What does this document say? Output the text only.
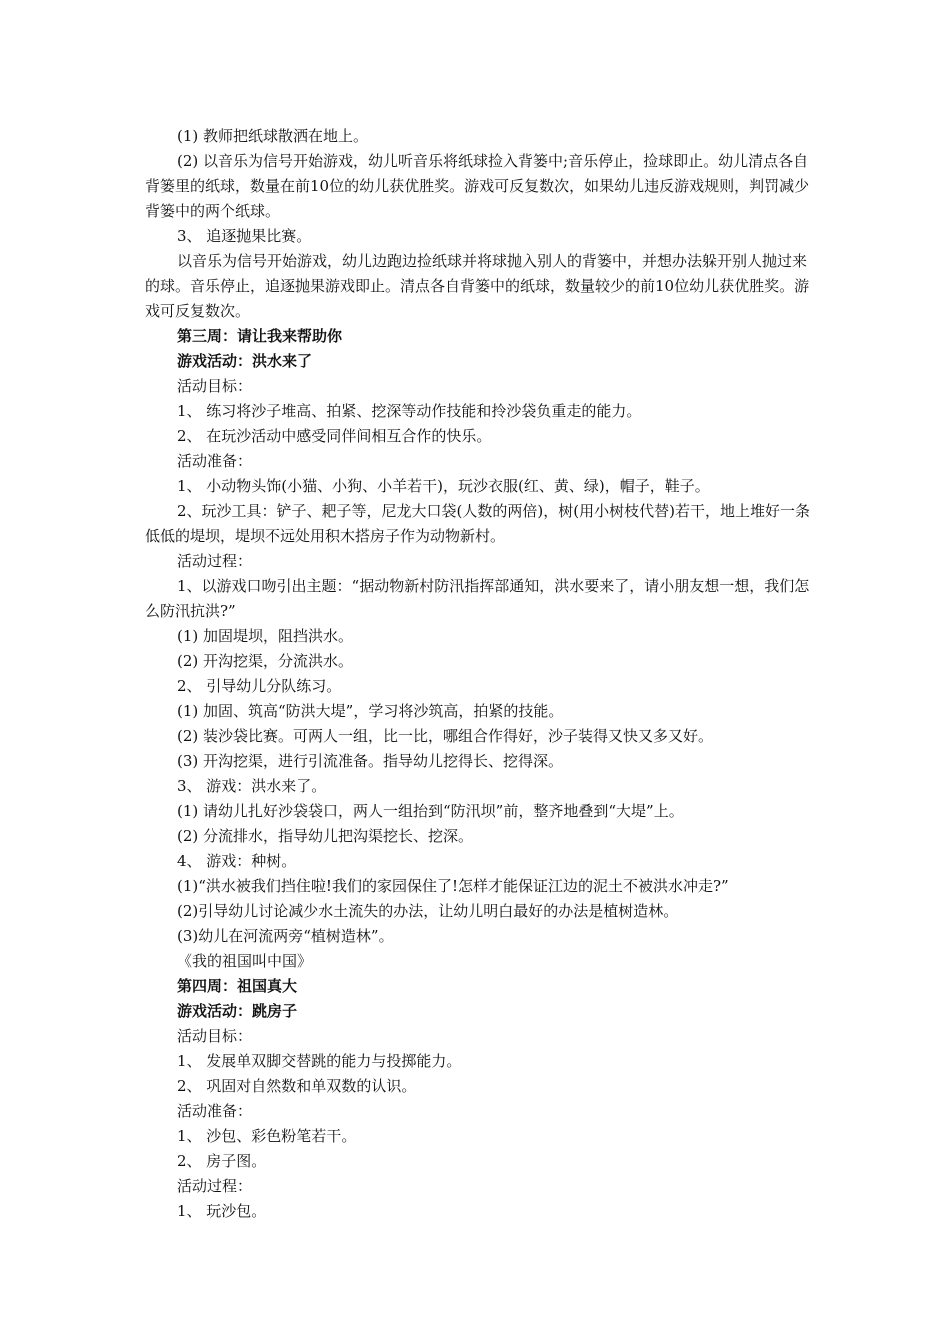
(1) 教师把纸球散洒在地上。

(2) 以音乐为信号开始游戏，幼儿听音乐将纸球捡入背篓中;音乐停止，捡球即止。幼儿清点各自背篓里的纸球，数量在前10位的幼儿获优胜奖。游戏可反复数次，如果幼儿违反游戏规则，判罚减少背篓中的两个纸球。

3、 追逐抛果比赛。

以音乐为信号开始游戏，幼儿边跑边捡纸球并将球抛入别人的背篓中，并想办法躲开别人抛过来的球。音乐停止，追逐抛果游戏即止。清点各自背篓中的纸球，数量较少的前10位幼儿获优胜奖。游戏可反复数次。

第三周：请让我来帮助你

游戏活动：洪水来了

活动目标：

1、 练习将沙子堆高、拍紧、挖深等动作技能和拎沙袋负重走的能力。

2、 在玩沙活动中感受同伴间相互合作的快乐。

活动准备：

1、 小动物头饰(小猫、小狗、小羊若干)，玩沙衣服(红、黄、绿)，帽子，鞋子。

2、玩沙工具：铲子、耙子等，尼龙大口袋(人数的两倍)，树(用小树枝代替)若干，地上堆好一条低低的堤坝，堤坝不远处用积木搭房子作为动物新村。

活动过程：

1、以游戏口吻引出主题：“据动物新村防汛指挥部通知，洪水要来了，请小朋友想一想，我们怎么防汛抗洪?”

(1) 加固堤坝，阻挡洪水。

(2) 开沟挖渠，分流洪水。

2、 引导幼儿分队练习。

(1) 加固、筑高“防洪大堤”，学习将沙筑高，拍紧的技能。

(2) 装沙袋比赛。可两人一组，比一比，哪组合作得好，沙子装得又快又多又好。

(3) 开沟挖渠，进行引流准备。指导幼儿挖得长、挖得深。

3、 游戏：洪水来了。

(1) 请幼儿扎好沙袋袋口，两人一组抬到“防汛坝”前，整齐地叠到“大堤”上。

(2) 分流排水，指导幼儿把沟渠挖长、挖深。

4、 游戏：种树。

(1)“洪水被我们挡住啦!我们的家园保住了!怎样才能保证江边的泥土不被洪水冲走?”

(2)引导幼儿讨论减少水土流失的办法，让幼儿明白最好的办法是植树造林。

(3)幼儿在河流两旁“植树造林”。

《我的祖国叫中国》

第四周：祖国真大

游戏活动：跳房子

活动目标：

1、 发展单双脚交替跳的能力与投掷能力。

2、 巩固对自然数和单双数的认识。

活动准备：

1、 沙包、彩色粉笔若干。

2、 房子图。

活动过程：

1、 玩沙包。
